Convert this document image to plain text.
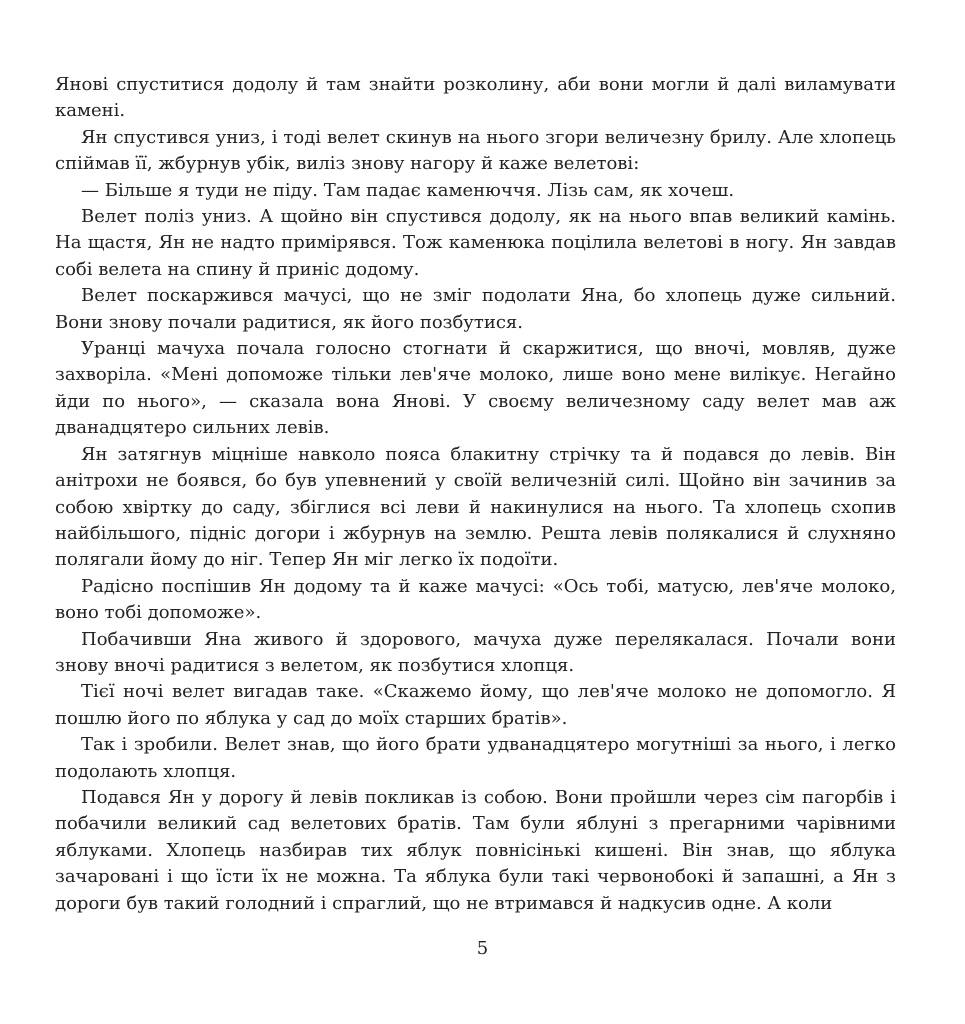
Янові спуститися додолу й там знайти розколину, аби вони могли й далі виламувати камені.

Ян спустився униз, і тоді велет скинув на нього згори величезну брилу. Але хлопець спіймав її, жбурнув убік, виліз знову нагору й каже велетові:

— Більше я туди не піду. Там падає каменюччя. Лізь сам, як хочеш.

Велет поліз униз. А щойно він спустився додолу, як на нього впав великий камінь. На щастя, Ян не надто примірявся. Тож каменюка поцілила велетові в ногу. Ян завдав собі велета на спину й приніс додому.

Велет поскаржився мачусі, що не зміг подолати Яна, бо хлопець дуже сильний. Вони знову почали радитися, як його позбутися.

Уранці мачуха почала голосно стогнати й скаржитися, що вночі, мовляв, дуже захворіла. «Мені допоможе тільки лев'яче молоко, лише воно мене вилікує. Негайно йди по нього», — сказала вона Янові. У своєму величезному саду велет мав аж дванадцятеро сильних левів.

Ян затягнув міцніше навколо пояса блакитну стрічку та й подався до левів. Він анітрохи не боявся, бо був упевнений у своїй величезній силі. Щойно він зачинив за собою хвіртку до саду, збіглися всі леви й накинулися на нього. Та хлопець схопив найбільшого, підніс догори і жбурнув на землю. Решта левів полякалися й слухняно полягали йому до ніг. Тепер Ян міг легко їх подоїти.

Радісно поспішив Ян додому та й каже мачусі: «Ось тобі, матусю, лев'яче молоко, воно тобі допоможе».

Побачивши Яна живого й здорового, мачуха дуже перелякалася. Почали вони знову вночі радитися з велетом, як позбутися хлопця.

Тієї ночі велет вигадав таке. «Скажемо йому, що лев'яче молоко не допомогло. Я пошлю його по яблука у сад до моїх старших братів».

Так і зробили. Велет знав, що його брати удванадцятеро могутніші за нього, і легко подолають хлопця.

Подався Ян у дорогу й левів покликав із собою. Вони пройшли через сім пагорбів і побачили великий сад велетових братів. Там були яблуні з прегарними чарівними яблуками. Хлопець назбирав тих яблук повнісінькі кишені. Він знав, що яблука зачаровані і що їсти їх не можна. Та яблука були такі червонобокі й запашні, а Ян з дороги був такий голодний і спраглий, що не втримався й надкусив одне. А коли

5
